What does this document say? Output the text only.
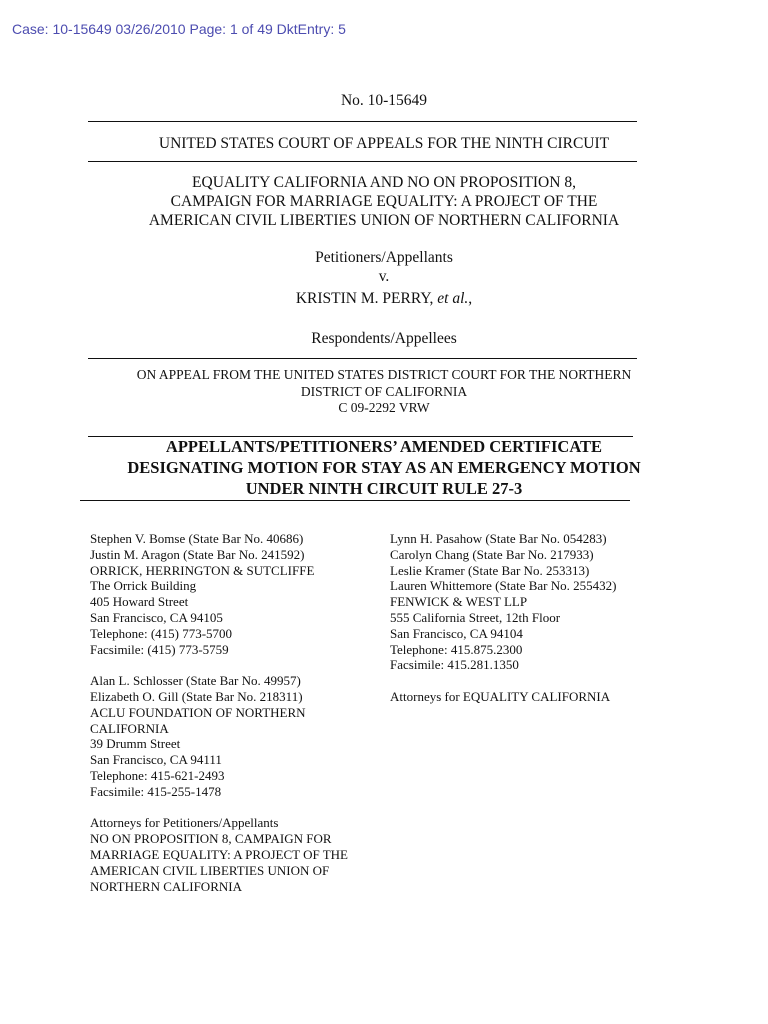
Case: 10-15649 03/26/2010 Page: 1 of 49 DktEntry: 5
No. 10-15649
UNITED STATES COURT OF APPEALS FOR THE NINTH CIRCUIT
EQUALITY CALIFORNIA AND NO ON PROPOSITION 8,
CAMPAIGN FOR MARRIAGE EQUALITY: A PROJECT OF THE
AMERICAN CIVIL LIBERTIES UNION OF NORTHERN CALIFORNIA
Petitioners/Appellants
v.
KRISTIN M. PERRY, et al.,
Respondents/Appellees
ON APPEAL FROM THE UNITED STATES DISTRICT COURT FOR THE NORTHERN
DISTRICT OF CALIFORNIA
C 09-2292 VRW
APPELLANTS/PETITIONERS’ AMENDED CERTIFICATE
DESIGNATING MOTION FOR STAY AS AN EMERGENCY MOTION
UNDER NINTH CIRCUIT RULE 27-3
Stephen V. Bomse (State Bar No. 40686)
Justin M. Aragon (State Bar No. 241592)
ORRICK, HERRINGTON & SUTCLIFFE
The Orrick Building
405 Howard Street
San Francisco, CA 94105
Telephone: (415) 773-5700
Facsimile: (415) 773-5759
Alan L. Schlosser (State Bar No. 49957)
Elizabeth O. Gill (State Bar No. 218311)
ACLU FOUNDATION OF NORTHERN
CALIFORNIA
39 Drumm Street
San Francisco, CA 94111
Telephone: 415-621-2493
Facsimile: 415-255-1478
Attorneys for Petitioners/Appellants
NO ON PROPOSITION 8, CAMPAIGN FOR
MARRIAGE EQUALITY: A PROJECT OF THE
AMERICAN CIVIL LIBERTIES UNION OF
NORTHERN CALIFORNIA
Lynn H. Pasahow (State Bar No. 054283)
Carolyn Chang (State Bar No. 217933)
Leslie Kramer (State Bar No. 253313)
Lauren Whittemore (State Bar No. 255432)
FENWICK & WEST LLP
555 California Street, 12th Floor
San Francisco, CA 94104
Telephone: 415.875.2300
Facsimile: 415.281.1350
Attorneys for EQUALITY CALIFORNIA
